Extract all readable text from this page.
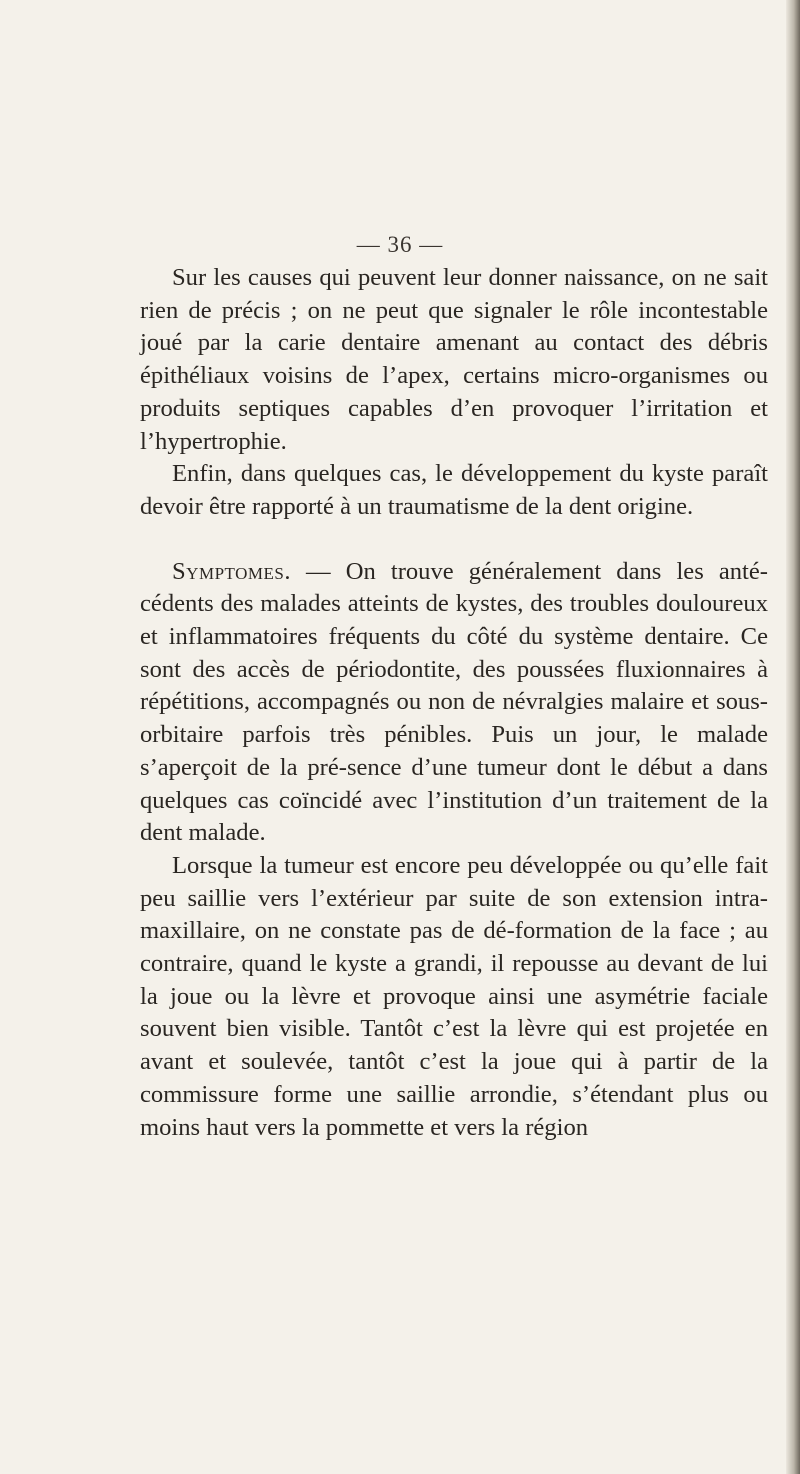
— 36 —

Sur les causes qui peuvent leur donner naissance, on ne sait rien de précis ; on ne peut que signaler le rôle incontestable joué par la carie dentaire amenant au contact des débris épithéliaux voisins de l’apex, certains micro-organismes ou produits septiques capables d’en provoquer l’irritation et l’hypertrophie.

Enfin, dans quelques cas, le développement du kyste paraît devoir être rapporté à un traumatisme de la dent origine.

Symptomes. — On trouve généralement dans les anté-cédents des malades atteints de kystes, des troubles douloureux et inflammatoires fréquents du côté du système dentaire. Ce sont des accès de périodontite, des poussées fluxionnaires à répétitions, accompagnés ou non de névralgies malaire et sous-orbitaire parfois très pénibles. Puis un jour, le malade s’aperçoit de la pré-sence d’une tumeur dont le début a dans quelques cas coïncidé avec l’institution d’un traitement de la dent malade.

Lorsque la tumeur est encore peu développée ou qu’elle fait peu saillie vers l’extérieur par suite de son extension intra-maxillaire, on ne constate pas de dé-formation de la face ; au contraire, quand le kyste a grandi, il repousse au devant de lui la joue ou la lèvre et provoque ainsi une asymétrie faciale souvent bien visible. Tantôt c’est la lèvre qui est projetée en avant et soulevée, tantôt c’est la joue qui à partir de la commissure forme une saillie arrondie, s’étendant plus ou moins haut vers la pommette et vers la région
